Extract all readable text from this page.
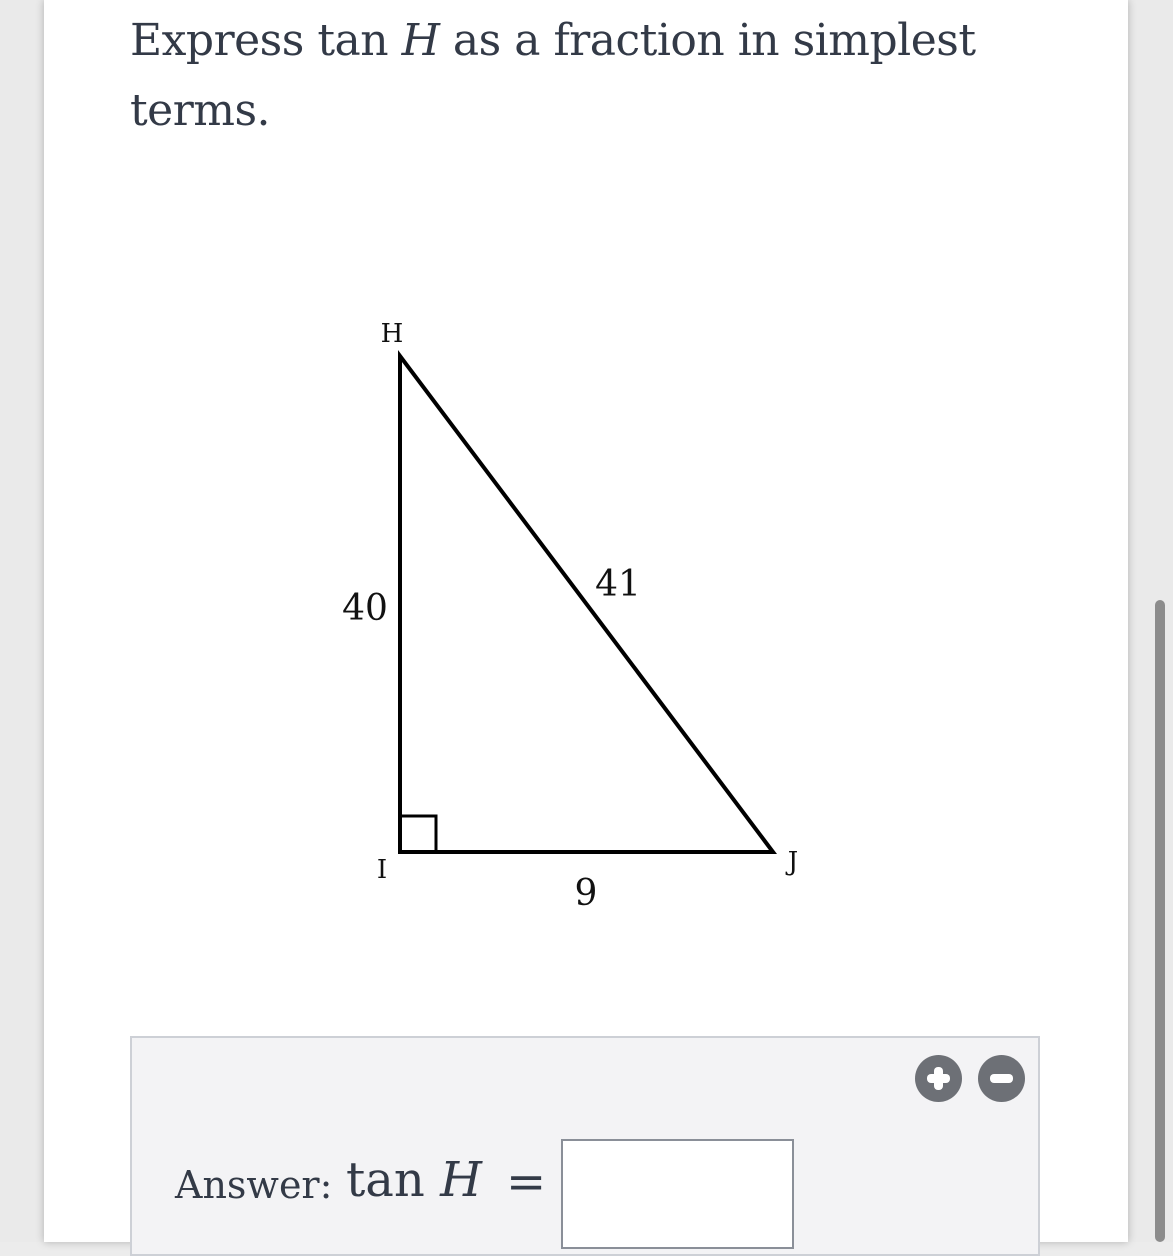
Express tan H as a fraction in simplest terms.
H
I	J
40
41
9
Answer: tan H =
